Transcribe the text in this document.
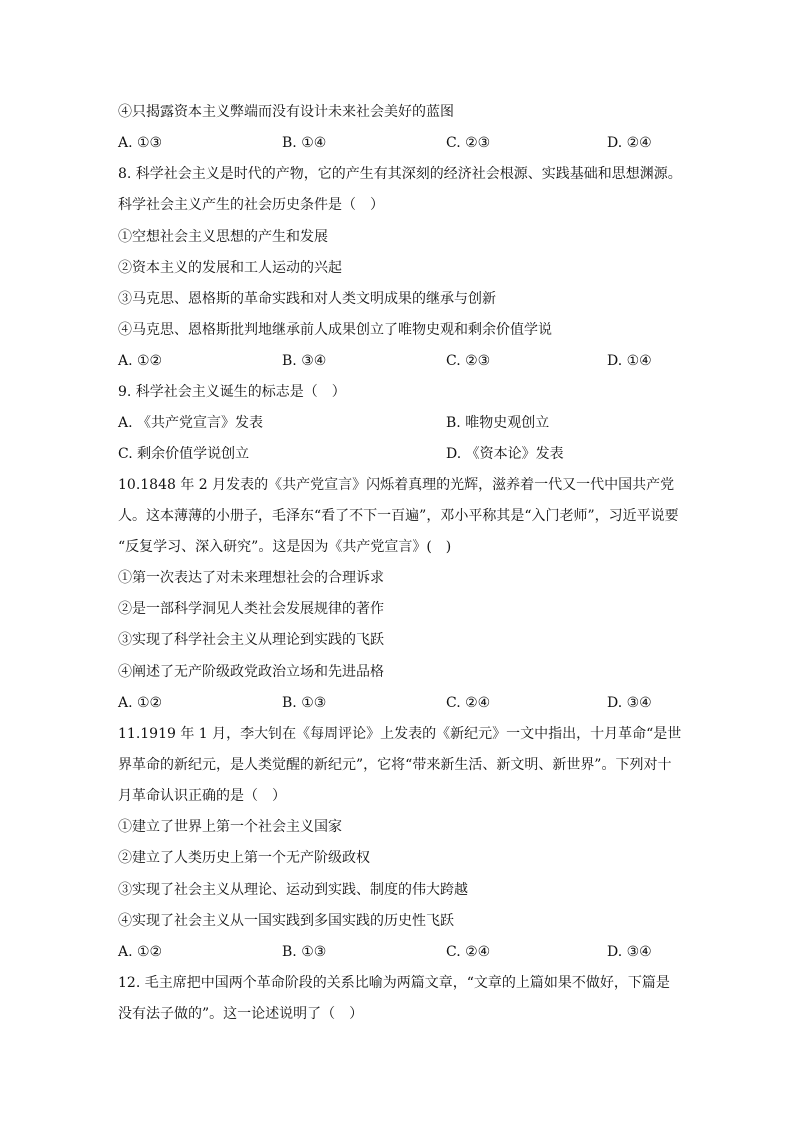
④只揭露资本主义弊端而没有设计未来社会美好的蓝图
A. ①③	B. ①④	C. ②③	D. ②④
8. 科学社会主义是时代的产物，它的产生有其深刻的经济社会根源、实践基础和思想渊源。
科学社会主义产生的社会历史条件是（　）
①空想社会主义思想的产生和发展
②资本主义的发展和工人运动的兴起
③马克思、恩格斯的革命实践和对人类文明成果的继承与创新
④马克思、恩格斯批判地继承前人成果创立了唯物史观和剩余价值学说
A. ①②	B. ③④	C. ②③	D. ①④
9. 科学社会主义诞生的标志是（　）
A. 《共产党宣言》发表	B. 唯物史观创立
C. 剩余价值学说创立	D. 《资本论》发表
10.1848 年 2 月发表的《共产党宣言》闪烁着真理的光辉，滋养着一代又一代中国共产党
人。这本薄薄的小册子，毛泽东“看了不下一百遍”，邓小平称其是“入门老师”，习近平说要
“反复学习、深入研究”。这是因为《共产党宣言》(　)
①第一次表达了对未来理想社会的合理诉求
②是一部科学洞见人类社会发展规律的著作
③实现了科学社会主义从理论到实践的飞跃
④阐述了无产阶级政党政治立场和先进品格
A. ①②	B. ①③	C. ②④	D. ③④
11.1919 年 1 月，李大钊在《每周评论》上发表的《新纪元》一文中指出，十月革命“是世
界革命的新纪元，是人类觉醒的新纪元”，它将“带来新生活、新文明、新世界”。下列对十
月革命认识正确的是（　）
①建立了世界上第一个社会主义国家
②建立了人类历史上第一个无产阶级政权
③实现了社会主义从理论、运动到实践、制度的伟大跨越
④实现了社会主义从一国实践到多国实践的历史性飞跃
A. ①②	B. ①③	C. ②④	D. ③④
12. 毛主席把中国两个革命阶段的关系比喻为两篇文章，“文章的上篇如果不做好，下篇是
没有法子做的”。这一论述说明了（　）
